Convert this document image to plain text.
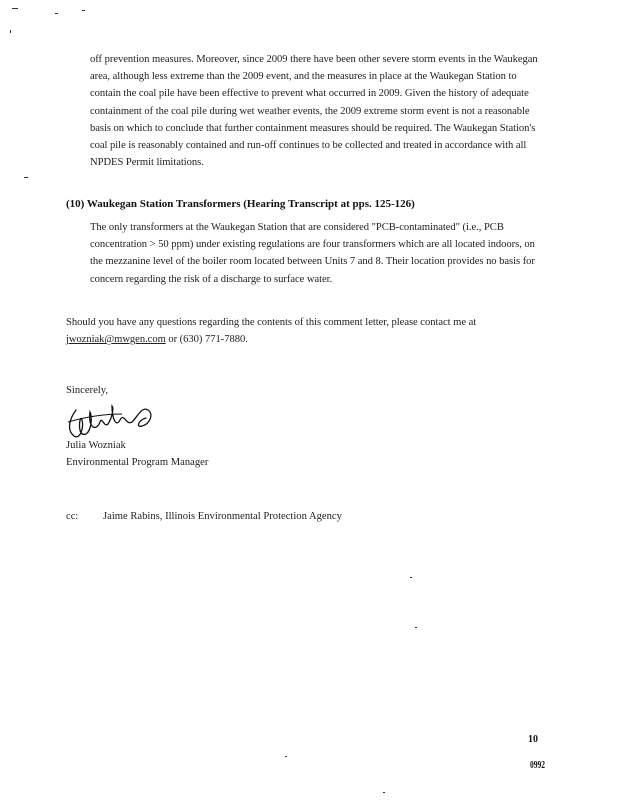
off prevention measures. Moreover, since 2009 there have been other severe storm events in the Waukegan area, although less extreme than the 2009 event, and the measures in place at the Waukegan Station to contain the coal pile have been effective to prevent what occurred in 2009. Given the history of adequate containment of the coal pile during wet weather events, the 2009 extreme storm event is not a reasonable basis on which to conclude that further containment measures should be required. The Waukegan Station's coal pile is reasonably contained and run-off continues to be collected and treated in accordance with all NPDES Permit limitations.

(10) Waukegan Station Transformers (Hearing Transcript at pps. 125-126)

The only transformers at the Waukegan Station that are considered "PCB-contaminated" (i.e., PCB concentration > 50 ppm) under existing regulations are four transformers which are all located indoors, on the mezzanine level of the boiler room located between Units 7 and 8. Their location provides no basis for concern regarding the risk of a discharge to surface water.

Should you have any questions regarding the contents of this comment letter, please contact me at jwozniak@mwgen.com or (630) 771-7880.

Sincerely,
Julia Wozniak
Environmental Program Manager
cc: Jaime Rabins, Illinois Environmental Protection Agency
10
0992
